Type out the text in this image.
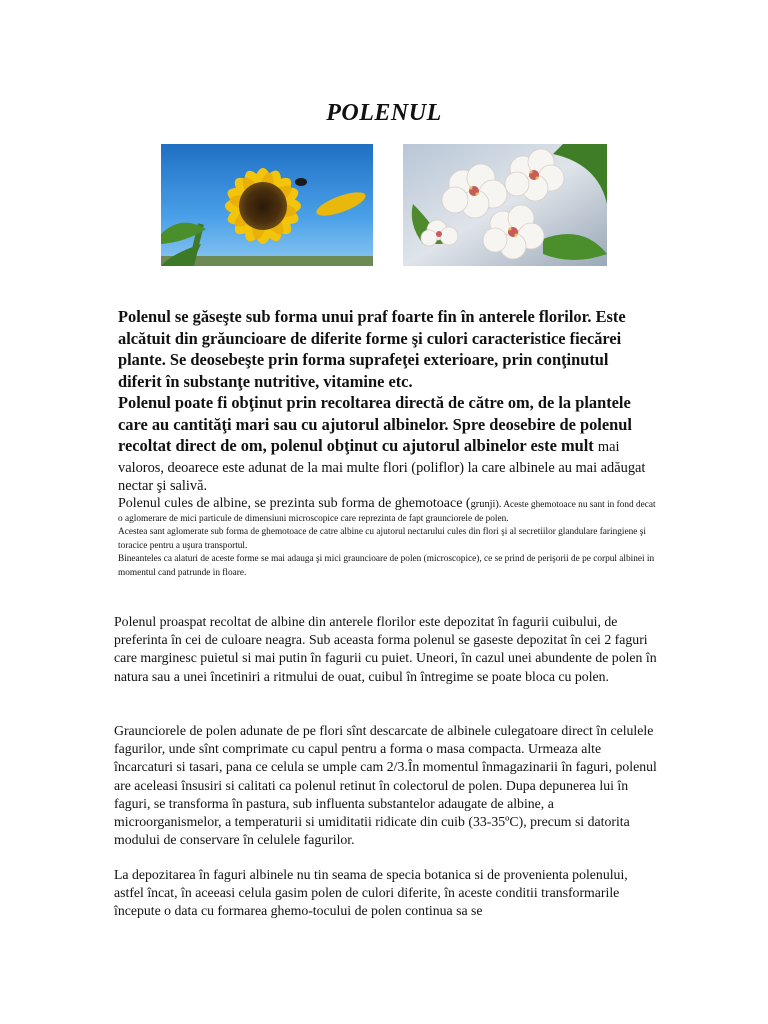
POLENUL
Polenul se găseşte sub forma unui praf foarte fin în anterele florilor. Este alcătuit din grăuncioare de diferite forme şi culori caracteristice fiecărei plante. Se deosebeşte prin forma suprafeţei exterioare, prin conţinutul diferit în substanţe nutritive, vitamine etc.
Polenul poate fi obţinut prin recoltarea directă de către om, de la plantele care au cantităţi mari sau cu ajutorul albinelor. Spre deosebire de polenul recoltat direct de om, polenul obţinut cu ajutorul albinelor este mult mai
valoros, deoarece este adunat de la mai multe flori (poliflor) la care albinele au mai adăugat nectar şi salivă.
Polenul cules de albine, se prezinta sub forma de ghemotoace (grunji). Aceste ghemotoace nu sant in fond decat o aglomerare de mici particule de dimensiuni microscopice care reprezinta de fapt graunciorele de polen.
Acestea sant aglomerate sub forma de ghemotoace de catre albine cu ajutorul nectarului cules din flori şi al secretiilor glandulare faringiene şi toracice pentru a uşura transportul.
Bineanteles ca alaturi de aceste forme se mai adauga şi mici grauncioare de polen (microscopice), ce se prind de perişorii de pe corpul albinei in momentul cand patrunde in floare.
Polenul proaspat recoltat de albine din anterele florilor este depozitat în fagurii cuibului, de preferinta în cei de culoare neagra. Sub aceasta forma polenul se gaseste depozitat în cei 2 faguri care marginesc puietul si mai putin în fagurii cu puiet. Uneori, în cazul unei abundente de polen în natura sau a unei încetiniri a ritmului de ouat, cuibul în întregime se poate bloca cu polen.
Graunciorele de polen adunate de pe flori sînt descarcate de albinele culegatoare direct în celulele fagurilor, unde sînt comprimate cu capul pentru a forma o masa compacta. Urmeaza alte încarcaturi si tasari, pana ce celula se umple cam 2/3.În momentul înmagazinarii în faguri, polenul are aceleasi însusiri si calitati ca polenul retinut în colectorul de polen. Dupa depunerea lui în faguri, se transforma în pastura, sub influenta substantelor adaugate de albine, a microorganismelor, a temperaturii si umiditatii ridicate din cuib (33-35ºC), precum si datorita modului de conservare în celulele fagurilor.
La depozitarea în faguri albinele nu tin seama de specia botanica si de provenienta polenului, astfel încat, în aceeasi celula gasim polen de culori diferite, în aceste conditii transformarile începute o data cu formarea ghemo-tocului de polen continua sa se
